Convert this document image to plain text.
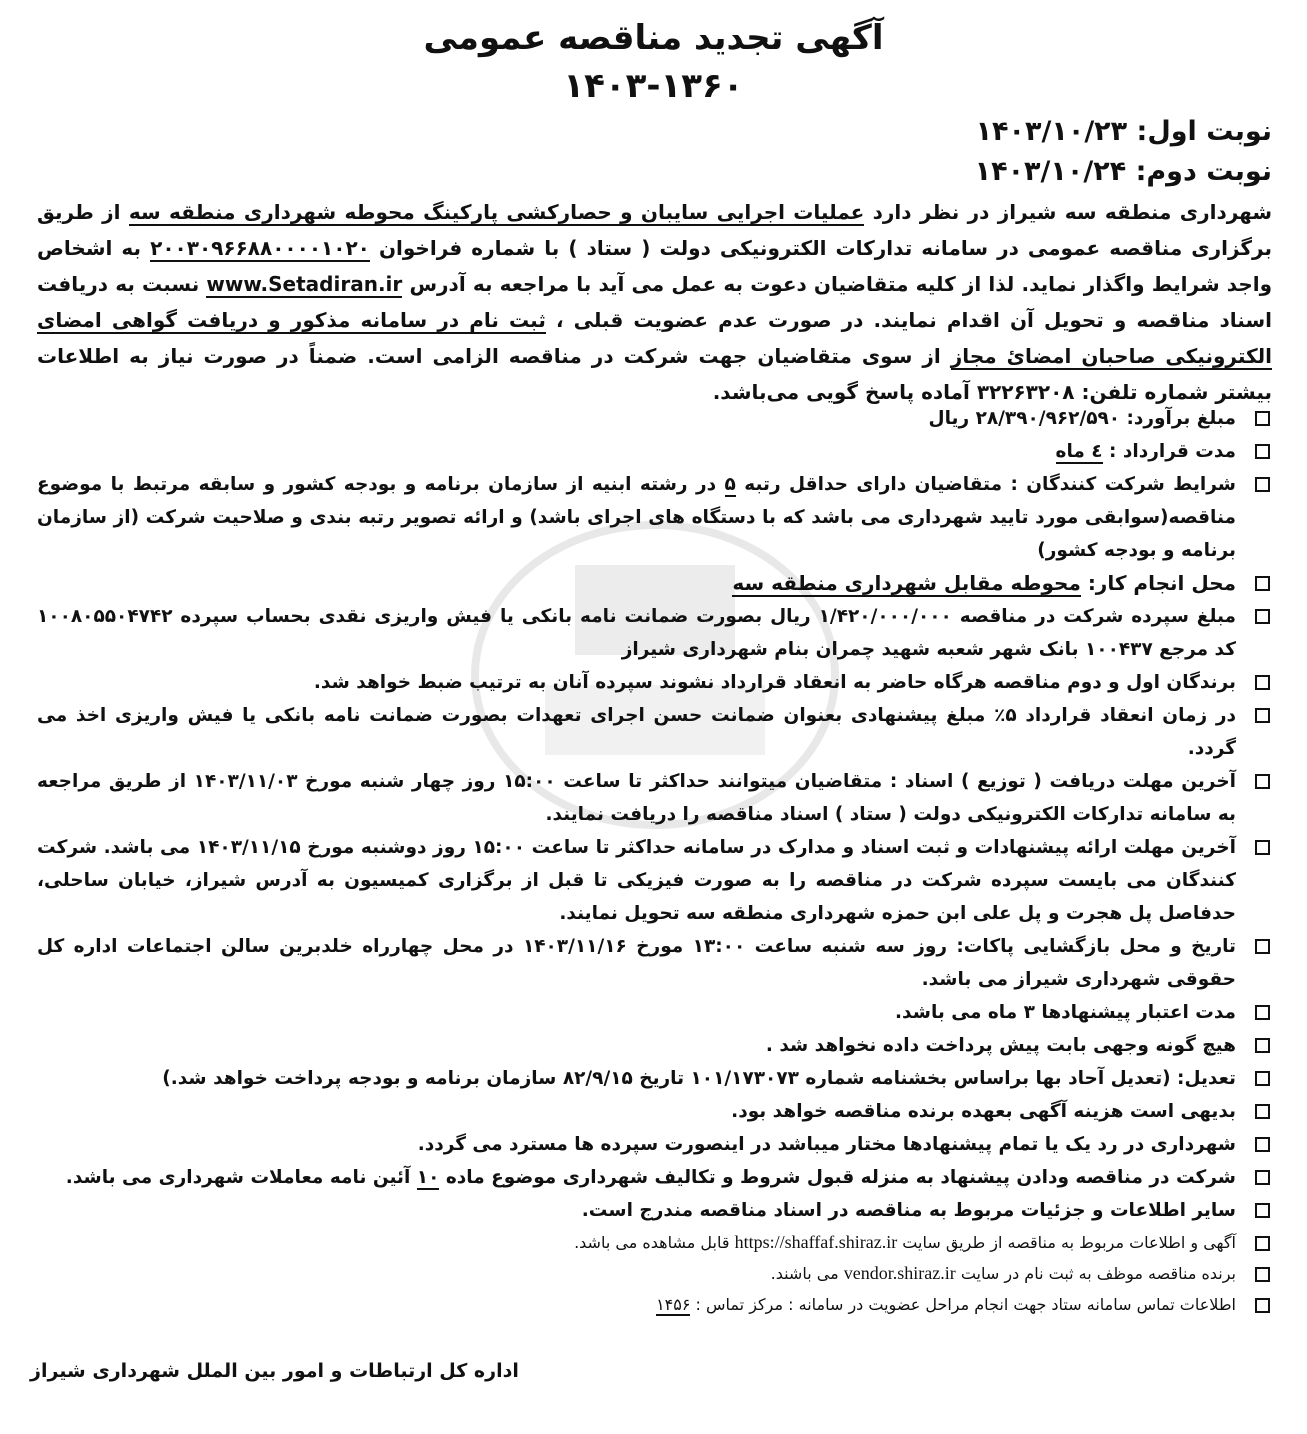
آگهی تجدید مناقصه عمومی
۱۴۰۳-۱۳۶۰
نوبت اول: ۱۴۰۳/۱۰/۲۳
نوبت دوم: ۱۴۰۳/۱۰/۲۴
شهرداری منطقه سه شیراز در نظر دارد عملیات اجرایی سایبان و حصارکشی پارکینگ محوطه شهرداری منطقه سه از طریق برگزاری مناقصه عمومی در سامانه تدارکات الکترونیکی دولت ( ستاد ) با شماره فراخوان ۲۰۰۳۰۹۶۶۸۸۰۰۰۰۱۰۲۰ به اشخاص واجد شرایط واگذار نماید. لذا از کلیه متقاضیان دعوت به عمل می آید با مراجعه به آدرس www.Setadiran.ir نسبت به دریافت اسناد مناقصه و تحویل آن اقدام نمایند. در صورت عدم عضویت قبلی ، ثبت نام در سامانه مذکور و دریافت گواهی امضای الکترونیکی صاحبان امضائ مجاز از سوی متقاضیان جهت شرکت در مناقصه الزامی است. ضمناً در صورت نیاز به اطلاعات بیشتر شماره تلفن: ۳۲۲۶۳۲۰۸ آماده پاسخ گویی می‌باشد.
مبلغ برآورد: ۲۸/۳۹۰/۹۶۲/۵۹۰ ریال
مدت قرارداد : ٤ ماه
شرایط شرکت کنندگان : متقاضیان دارای حداقل رتبه ۵ در رشته ابنیه از سازمان برنامه و بودجه کشور و سابقه مرتبط با موضوع مناقصه(سوابقی مورد تایید شهرداری می باشد که با دستگاه های اجرای باشد) و ارائه تصویر رتبه بندی و صلاحیت شرکت (از سازمان برنامه و بودجه کشور)
محل انجام کار: محوطه مقابل شهرداری منطقه سه
مبلغ سپرده شرکت در مناقصه ۱/۴۲۰/۰۰۰/۰۰۰ ریال بصورت ضمانت نامه بانکی یا فیش واریزی نقدی بحساب سپرده ۱۰۰۸۰۵۵۰۴۷۴۲ کد مرجع ۱۰۰۴۳۷ بانک شهر شعبه شهید چمران بنام شهرداری شیراز
برندگان اول و دوم مناقصه هرگاه حاضر به انعقاد قرارداد نشوند سپرده آنان به ترتیب ضبط خواهد شد.
در زمان انعقاد قرارداد ۵٪ مبلغ پیشنهادی بعنوان ضمانت حسن اجرای تعهدات بصورت ضمانت نامه بانکی یا فیش واریزی اخذ می گردد.
آخرین مهلت دریافت ( توزیع ) اسناد : متقاضیان میتوانند حداکثر تا ساعت ۱۵:۰۰ روز چهار شنبه مورخ ۱۴۰۳/۱۱/۰۳ از طریق مراجعه به سامانه تدارکات الکترونیکی دولت ( ستاد ) اسناد مناقصه را دریافت نمایند.
آخرین مهلت ارائه پیشنهادات و ثبت اسناد و مدارک در سامانه حداکثر تا ساعت ۱۵:۰۰ روز دوشنبه مورخ ۱۴۰۳/۱۱/۱۵ می باشد. شرکت کنندگان می بایست سپرده شرکت در مناقصه را به صورت فیزیکی تا قبل از برگزاری کمیسیون به آدرس شیراز، خیابان ساحلی، حدفاصل پل هجرت و پل علی ابن حمزه شهرداری منطقه سه تحویل نمایند.
تاریخ و محل بازگشایی پاکات: روز سه شنبه ساعت ۱۳:۰۰ مورخ ۱۴۰۳/۱۱/۱۶ در محل چهارراه خلدبرین سالن اجتماعات اداره کل حقوقی شهرداری شیراز می باشد.
مدت اعتبار پیشنهادها ۳ ماه می باشد.
هیچ گونه وجهی بابت پیش پرداخت داده نخواهد شد .
تعدیل: (تعدیل آحاد بها براساس بخشنامه شماره ۱۰۱/۱۷۳۰۷۳ تاریخ ۸۲/۹/۱۵ سازمان برنامه و بودجه پرداخت خواهد شد.)
بدیهی است هزینه آگهی بعهده برنده مناقصه خواهد بود.
شهرداری در رد یک یا تمام پیشنهادها مختار میباشد در اینصورت سپرده ها مسترد می گردد.
شرکت در مناقصه ودادن پیشنهاد به منزله قبول شروط و تکالیف شهرداری موضوع ماده ۱۰ آئین نامه معاملات شهرداری می باشد.
سایر اطلاعات و جزئیات مربوط به مناقصه در اسناد مناقصه مندرج است.
آگهی و اطلاعات مربوط به مناقصه از طریق سایت https://shaffaf.shiraz.ir قابل مشاهده می باشد.
برنده مناقصه موظف به ثبت نام در سایت vendor.shiraz.ir می باشند.
اطلاعات تماس سامانه ستاد جهت انجام مراحل عضویت در سامانه : مرکز تماس : ۱۴۵۶
اداره کل ارتباطات و امور بین الملل شهرداری شیراز
